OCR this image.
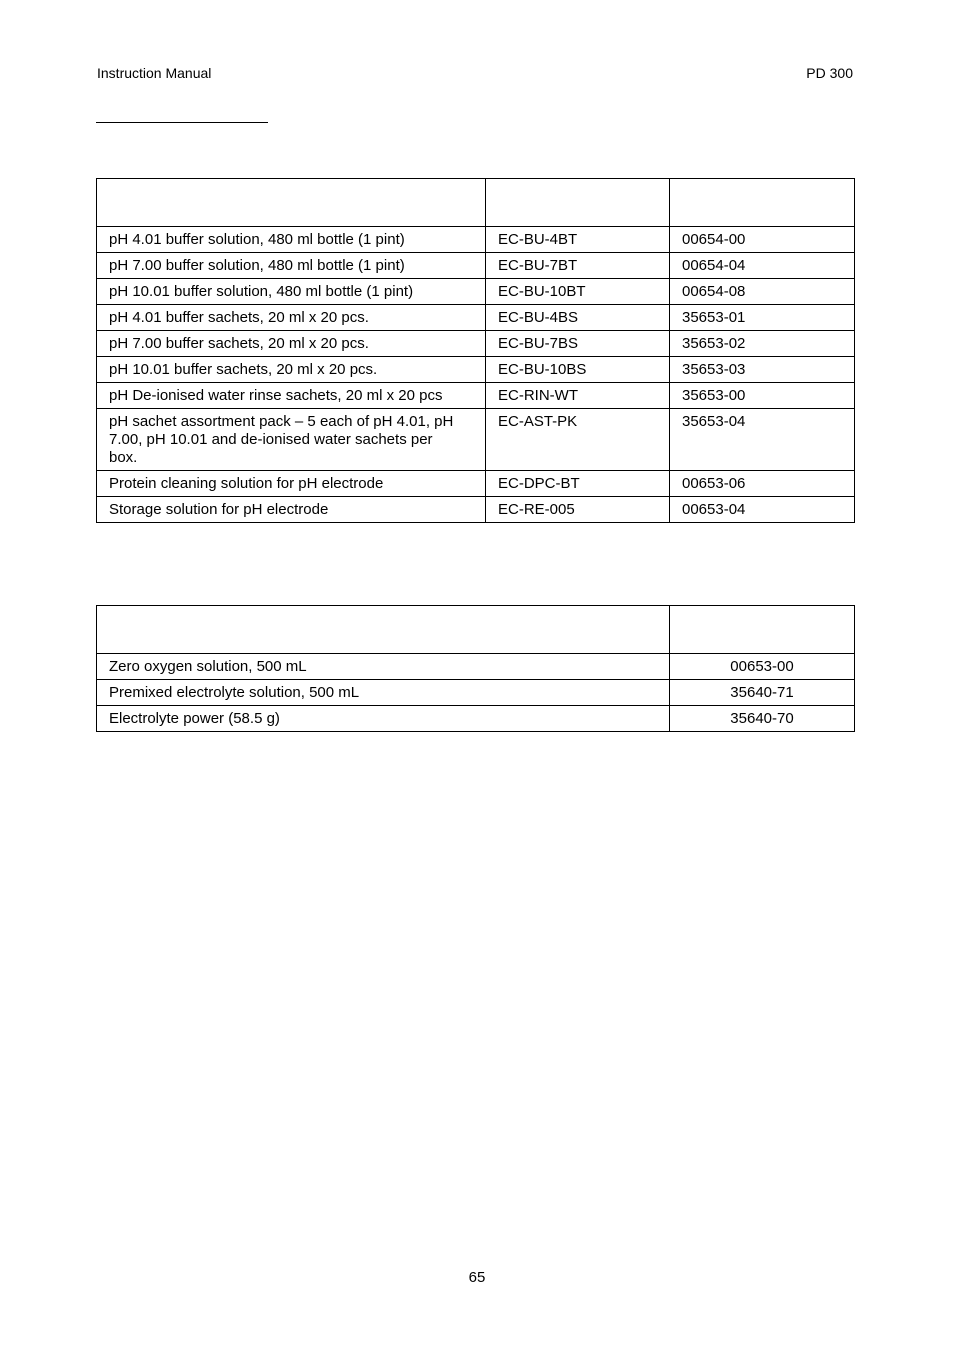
Instruction Manual	PD 300

pH 4.01 buffer solution, 480 ml bottle (1 pint)	EC-BU-4BT	00654-00
pH 7.00 buffer solution, 480 ml bottle (1 pint)	EC-BU-7BT	00654-04
pH 10.01 buffer solution, 480 ml bottle (1 pint)	EC-BU-10BT	00654-08
pH 4.01 buffer sachets, 20 ml x 20 pcs.	EC-BU-4BS	35653-01
pH 7.00 buffer sachets, 20 ml x 20 pcs.	EC-BU-7BS	35653-02
pH 10.01 buffer sachets, 20 ml x 20 pcs.	EC-BU-10BS	35653-03
pH De-ionised water rinse sachets, 20 ml x 20 pcs	EC-RIN-WT	35653-00
pH sachet assortment pack – 5 each of pH 4.01, pH 7.00, pH 10.01 and de-ionised water sachets per box.	EC-AST-PK	35653-04
Protein cleaning solution for pH electrode	EC-DPC-BT	00653-06
Storage solution for pH electrode	EC-RE-005	00653-04

Zero oxygen solution, 500 mL	00653-00
Premixed electrolyte solution, 500 mL	35640-71
Electrolyte power (58.5 g)	35640-70
65
